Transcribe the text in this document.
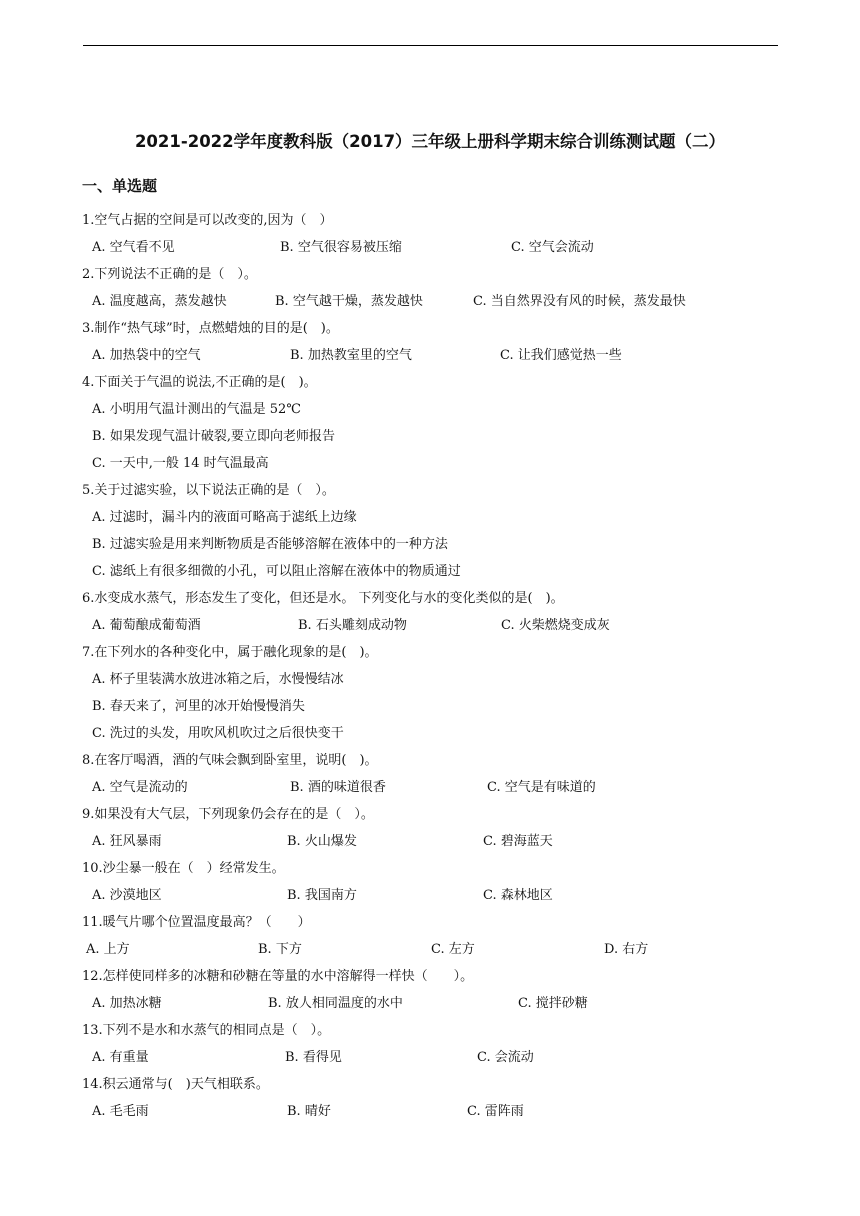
2021-2022学年度教科版（2017）三年级上册科学期末综合训练测试题（二）
一、单选题
1.空气占据的空间是可以改变的,因为（　）
A. 空气看不见	B. 空气很容易被压缩	C. 空气会流动
2.下列说法不正确的是（　）。
A. 温度越高，蒸发越快	B. 空气越干燥，蒸发越快	C. 当自然界没有风的时候，蒸发最快
3.制作“热气球”时，点燃蜡烛的目的是(　)。
A. 加热袋中的空气	B. 加热教室里的空气	C. 让我们感觉热一些
4.下面关于气温的说法,不正确的是(　)。
A. 小明用气温计测出的气温是 52℃
B. 如果发现气温计破裂,要立即向老师报告
C. 一天中,一般 14 时气温最高
5.关于过滤实验，以下说法正确的是（　）。
A. 过滤时，漏斗内的液面可略高于滤纸上边缘
B. 过滤实验是用来判断物质是否能够溶解在液体中的一种方法
C. 滤纸上有很多细微的小孔，可以阻止溶解在液体中的物质通过
6.水变成水蒸气，形态发生了变化，但还是水。 下列变化与水的变化类似的是(　)。
A. 葡萄酿成葡萄酒	B. 石头雕刻成动物	C. 火柴燃烧变成灰
7.在下列水的各种变化中，属于融化现象的是(　)。
A. 杯子里装满水放进冰箱之后，水慢慢结冰
B. 春天来了，河里的冰开始慢慢消失
C. 洗过的头发，用吹风机吹过之后很快变干
8.在客厅喝酒，酒的气味会飘到卧室里，说明(　)。
A. 空气是流动的	B. 酒的味道很香	C. 空气是有味道的
9.如果没有大气层，下列现象仍会存在的是（　）。
A. 狂风暴雨	B. 火山爆发	C. 碧海蓝天
10.沙尘暴一般在（　）经常发生。
A. 沙漠地区	B. 我国南方	C. 森林地区
11.暖气片哪个位置温度最高？（　　）
A. 上方	B. 下方	C. 左方	D. 右方
12.怎样使同样多的冰糖和砂糖在等量的水中溶解得一样快（　　）。
A. 加热冰糖	B. 放人相同温度的水中	C. 搅拌砂糖
13.下列不是水和水蒸气的相同点是（　）。
A. 有重量	B. 看得见	C. 会流动
14.积云通常与(　)天气相联系。
A. 毛毛雨	B. 晴好	C. 雷阵雨
